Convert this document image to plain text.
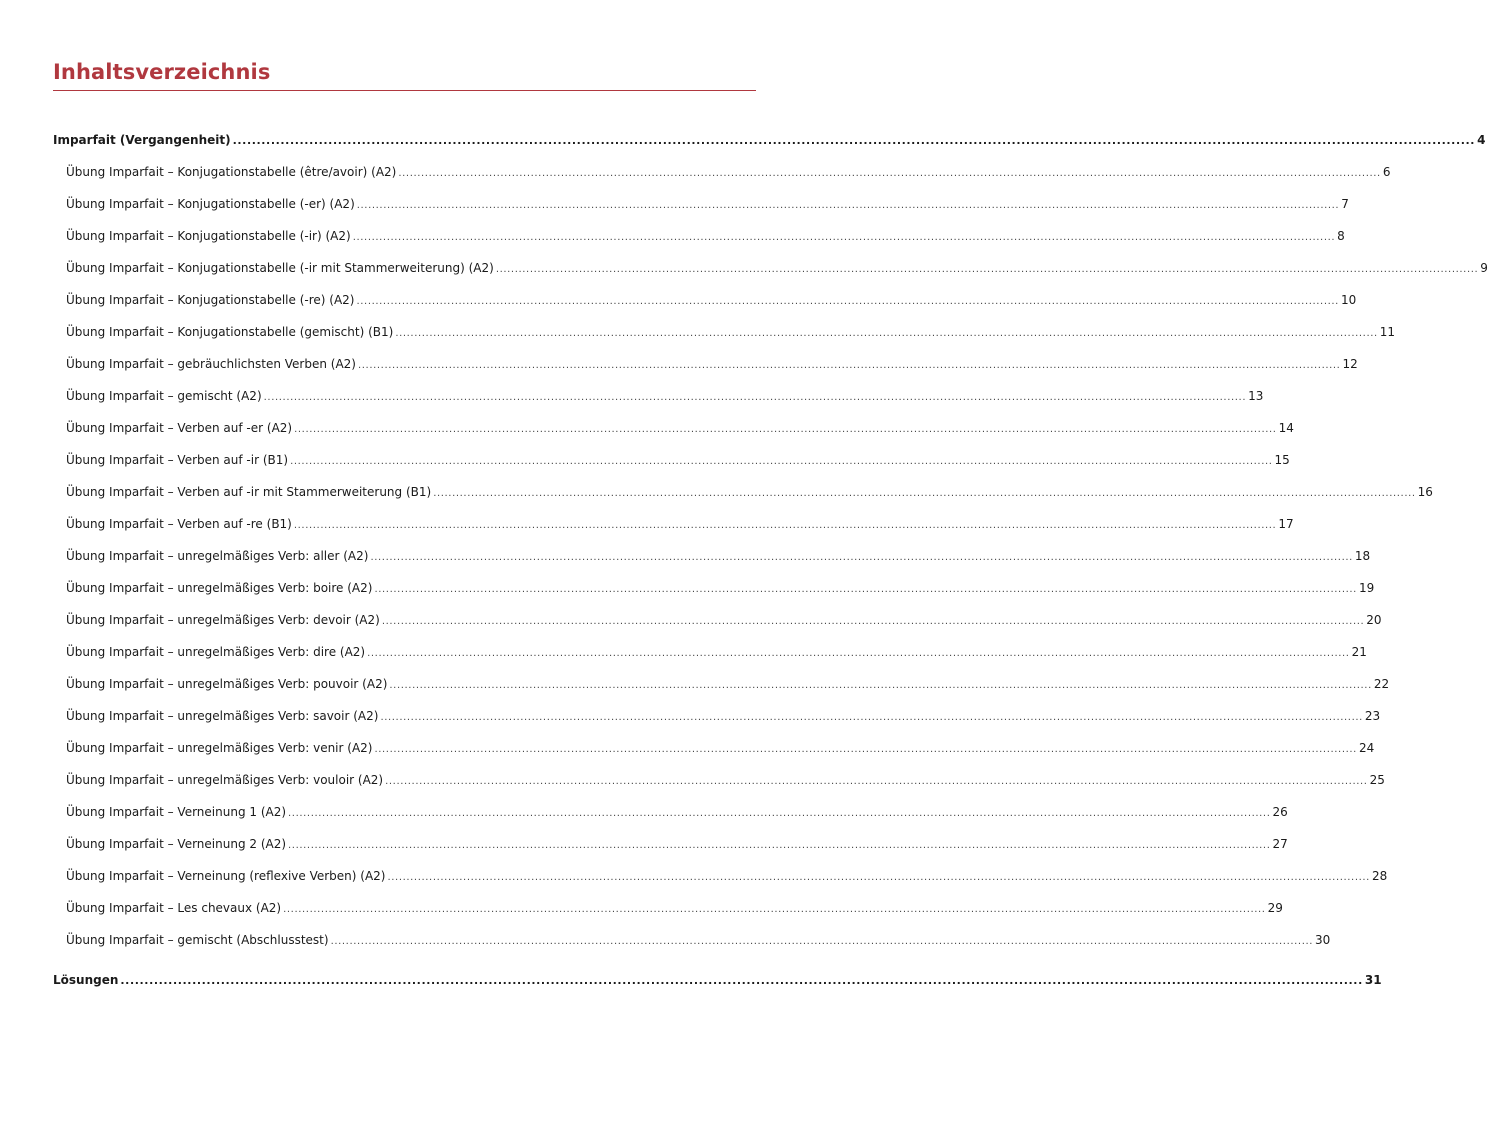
Inhaltsverzeichnis
Imparfait (Vergangenheit) .................................................................................................................................................................................................................................................................... 4
Übung Imparfait – Konjugationstabelle (être/avoir) (A2) .................................................................................................................................................................................................................................................................... 6
Übung Imparfait – Konjugationstabelle (-er) (A2) .................................................................................................................................................................................................................................................................... 7
Übung Imparfait – Konjugationstabelle (-ir) (A2) .................................................................................................................................................................................................................................................................... 8
Übung Imparfait – Konjugationstabelle (-ir mit Stammerweiterung) (A2) .................................................................................................................................................................................................................................................................... 9
Übung Imparfait – Konjugationstabelle (-re) (A2) .................................................................................................................................................................................................................................................................... 10
Übung Imparfait – Konjugationstabelle (gemischt) (B1) .................................................................................................................................................................................................................................................................... 11
Übung Imparfait – gebräuchlichsten Verben (A2) .................................................................................................................................................................................................................................................................... 12
Übung Imparfait – gemischt (A2) .................................................................................................................................................................................................................................................................... 13
Übung Imparfait – Verben auf -er (A2) .................................................................................................................................................................................................................................................................... 14
Übung Imparfait – Verben auf -ir (B1) .................................................................................................................................................................................................................................................................... 15
Übung Imparfait – Verben auf -ir mit Stammerweiterung (B1) .................................................................................................................................................................................................................................................................... 16
Übung Imparfait – Verben auf -re (B1) .................................................................................................................................................................................................................................................................... 17
Übung Imparfait – unregelmäßiges Verb: aller (A2) .................................................................................................................................................................................................................................................................... 18
Übung Imparfait – unregelmäßiges Verb: boire (A2) .................................................................................................................................................................................................................................................................... 19
Übung Imparfait – unregelmäßiges Verb: devoir (A2) .................................................................................................................................................................................................................................................................... 20
Übung Imparfait – unregelmäßiges Verb: dire (A2) .................................................................................................................................................................................................................................................................... 21
Übung Imparfait – unregelmäßiges Verb: pouvoir (A2) .................................................................................................................................................................................................................................................................... 22
Übung Imparfait – unregelmäßiges Verb: savoir (A2) .................................................................................................................................................................................................................................................................... 23
Übung Imparfait – unregelmäßiges Verb: venir (A2) .................................................................................................................................................................................................................................................................... 24
Übung Imparfait – unregelmäßiges Verb: vouloir (A2) .................................................................................................................................................................................................................................................................... 25
Übung Imparfait – Verneinung 1 (A2) .................................................................................................................................................................................................................................................................... 26
Übung Imparfait – Verneinung 2 (A2) .................................................................................................................................................................................................................................................................... 27
Übung Imparfait – Verneinung (reflexive Verben) (A2) .................................................................................................................................................................................................................................................................... 28
Übung Imparfait – Les chevaux (A2) .................................................................................................................................................................................................................................................................... 29
Übung Imparfait – gemischt (Abschlusstest) .................................................................................................................................................................................................................................................................... 30
Lösungen .................................................................................................................................................................................................................................................................... 31
